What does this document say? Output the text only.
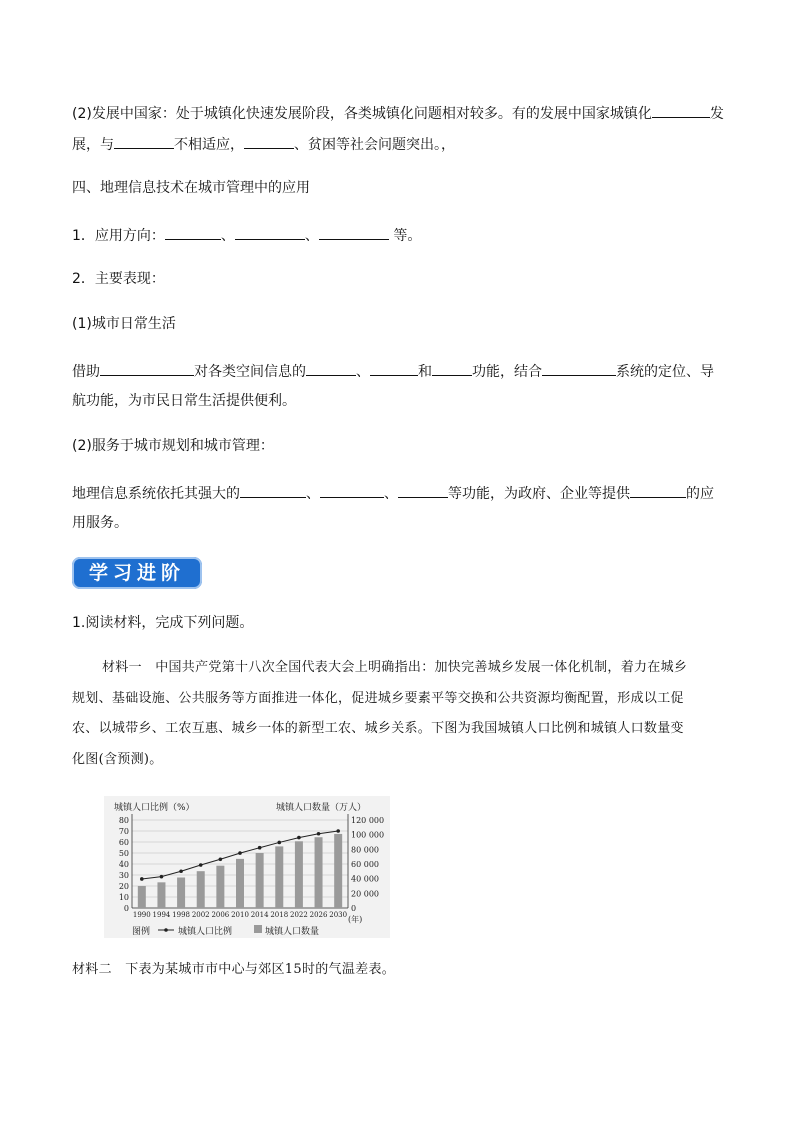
(2)发展中国家：处于城镇化快速发展阶段，各类城镇化问题相对较多。有的发展中国家城镇化	发
展，与	不相适应，	、贫困等社会问题突出。，
四、地理信息技术在城市管理中的应用
1．应用方向：	、	、	等。
2．主要表现：
(1)城市日常生活
借助	对各类空间信息的	、	和	功能，结合	系统的定位、导
航功能，为市民日常生活提供便利。
(2)服务于城市规划和城市管理：
地理信息系统依托其强大的	、	、	等功能，为政府、企业等提供	的应
用服务。
学习进阶
1.阅读材料，完成下列问题。
材料一　中国共产党第十八次全国代表大会上明确指出：加快完善城乡发展一体化机制，着力在城乡
规划、基础设施、公共服务等方面推进一体化，促进城乡要素平等交换和公共资源均衡配置，形成以工促
农、以城带乡、工农互惠、城乡一体的新型工农、城乡关系。下图为我国城镇人口比例和城镇人口数量变
化图(含预测)。
城镇人口比例（%）	城镇人口数量（万人）
80
70
60
50
40
30
20
10
0
120 000
100 000
80 000
60 000
40 000
20 000
0
1990 1994 1998 2002 2006 2010 2014 2018 2022 2026 2030 (年)
图例	城镇人口比例	城镇人口数量
材料二　下表为某城市市中心与郊区15时的气温差表。
